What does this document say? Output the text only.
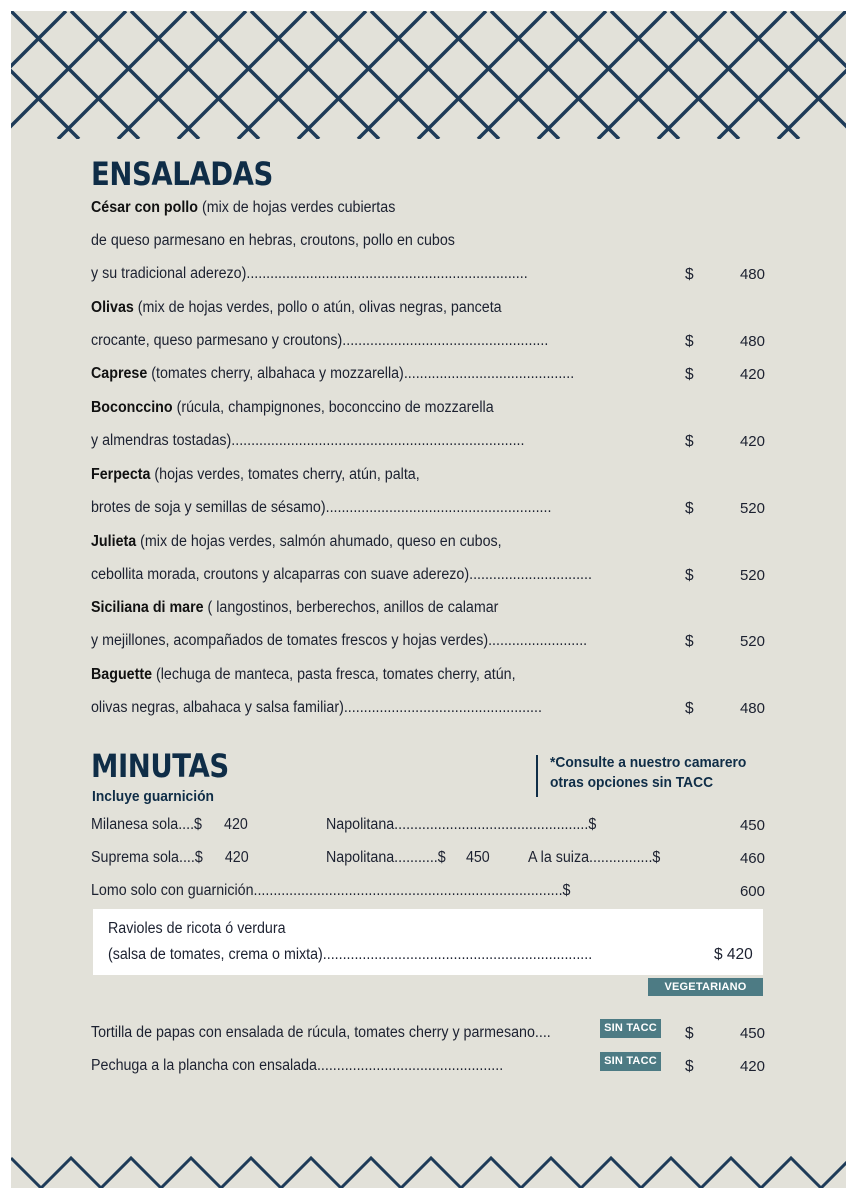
ENSALADAS
César con pollo (mix de hojas verdes cubiertas
de queso parmesano en hebras, croutons, pollo en cubos
y su tradicional aderezo).......................................................................	$	480
Olivas (mix de hojas verdes, pollo o atún, olivas negras, panceta
crocante, queso parmesano y croutons)....................................................	$	480
Caprese (tomates cherry, albahaca y mozzarella)...........................................	$	420
Boconccino (rúcula, champignones, boconccino de mozzarella
y almendras tostadas)..........................................................................	$	420
Ferpecta (hojas verdes, tomates cherry, atún, palta,
brotes de soja y semillas de sésamo).........................................................	$	520
Julieta (mix de hojas verdes, salmón ahumado, queso en cubos,
cebollita morada, croutons y alcaparras con suave aderezo)...............................	$	520
Siciliana di mare ( langostinos, berberechos, anillos de calamar
y mejillones, acompañados de tomates frescos y hojas verdes).........................	$	520
Baguette (lechuga de manteca, pasta fresca, tomates cherry, atún,
olivas negras, albahaca y salsa familiar)..................................................	$	480
MINUTAS
Incluye guarnición
*Consulte a nuestro camarero
otras opciones sin TACC
Milanesa sola....$ 420	Napolitana.................................................$	450
Suprema sola....$ 420	Napolitana...........$ 450 A la suiza................$	460
Lomo solo con guarnición..............................................................................$	600
Ravioles de ricota ó verdura
(salsa de tomates, crema o mixta)....................................................................	$ 420
VEGETARIANO
Tortilla de papas con ensalada de rúcula, tomates cherry y parmesano....	SIN TACC $	450
Pechuga a la plancha con ensalada...............................................	SIN TACC $	420
